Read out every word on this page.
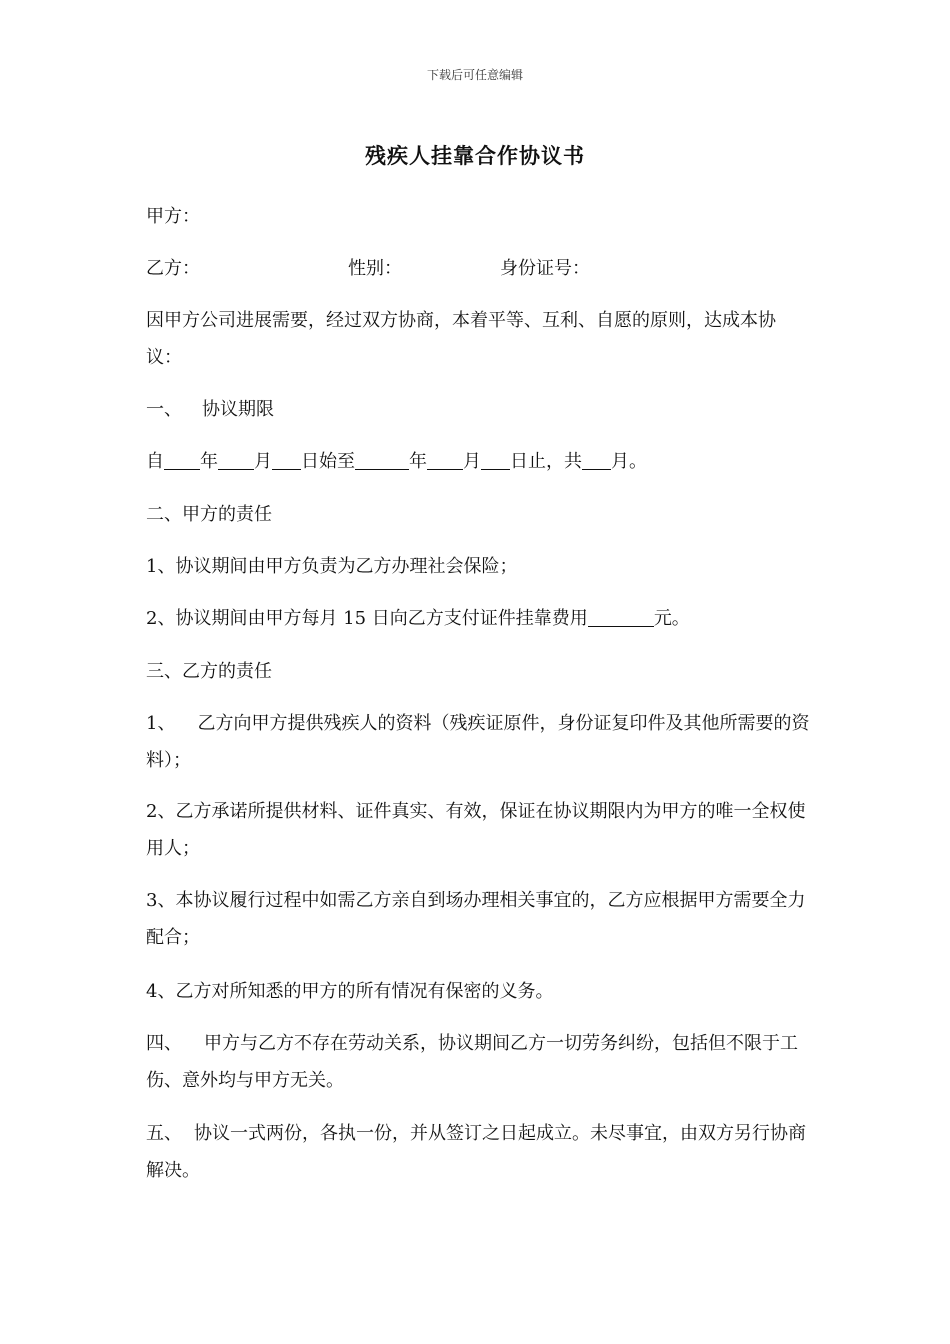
下载后可任意编辑
残疾人挂靠合作协议书
甲方：
乙方：	性别：	身份证号：
因甲方公司进展需要，经过双方协商，本着平等、互利、自愿的原则，达成本协议：
一、 协议期限
自 年 月 日始至	年 月 日止，共 月。
二、甲方的责任
1、协议期间由甲方负责为乙方办理社会保险；
2、协议期间由甲方每月 15 日向乙方支付证件挂靠费用	元。
三、乙方的责任
1、 乙方向甲方提供残疾人的资料（残疾证原件，身份证复印件及其他所需要的资料）；
2、乙方承诺所提供材料、证件真实、有效，保证在协议期限内为甲方的唯一全权使用人；
3、本协议履行过程中如需乙方亲自到场办理相关事宜的，乙方应根据甲方需要全力配合；
4、乙方对所知悉的甲方的所有情况有保密的义务。
四、 甲方与乙方不存在劳动关系，协议期间乙方一切劳务纠纷，包括但不限于工伤、意外均与甲方无关。
五、 协议一式两份，各执一份，并从签订之日起成立。未尽事宜，由双方另行协商解决。
